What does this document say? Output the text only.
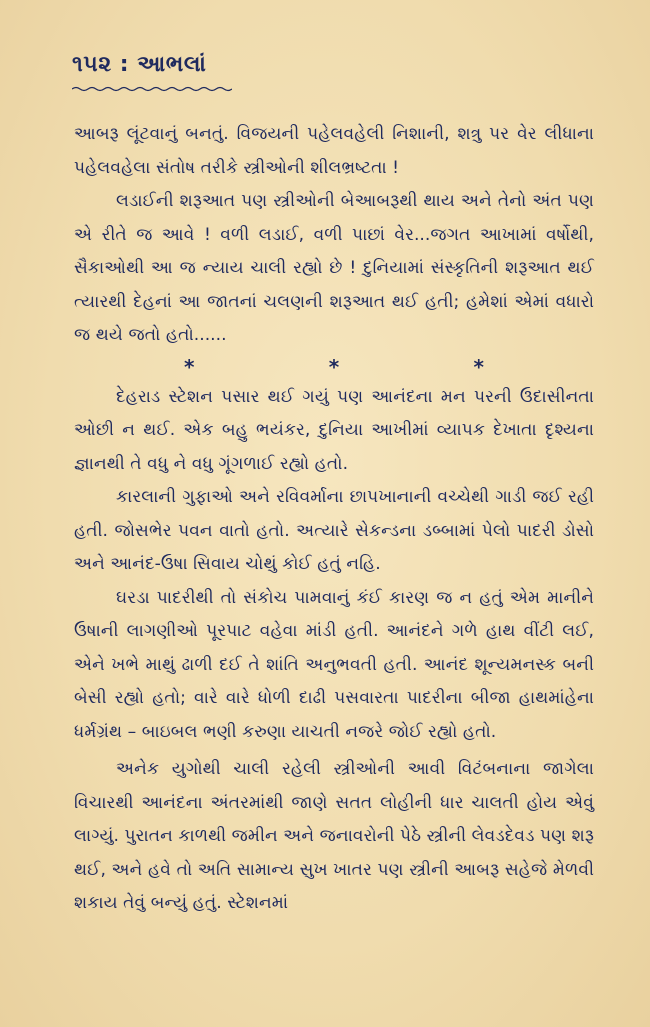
૧૫૨ : આભલાં

આબરૂ લૂંટવાનું બનતું. વિજયની પહેલવહેલી નિશાની, શત્રુ પર વેર લીધાના પહેલવહેલા સંતોષ તરીકે સ્ત્રીઓની શીલભ્રષ્ટતા !

લડાઈની શરૂઆત પણ સ્ત્રીઓની બેઆબરૂથી થાય અને તેનો અંત પણ એ રીતે જ આવે ! વળી લડાઈ, વળી પાછાં વેર...જગત આખામાં વર્ષોથી, સૈકાઓથી આ જ ન્યાય ચાલી રહ્યો છે ! દુનિયામાં સંસ્કૃતિની શરૂઆત થઈ ત્યારથી દેહનાં આ જાતનાં ચલણની શરૂઆત થઈ હતી; હમેશાં એમાં વધારો જ થયે જતો હતો......

*	*	*

દેહરાડ સ્ટેશન પસાર થઈ ગયું પણ આનંદના મન પરની ઉદાસીનતા ઓછી ન થઈ. એક બહુ ભયંકર, દુનિયા આખીમાં વ્યાપક દેખાતા દૃશ્યના જ્ઞાનથી તે વધુ ને વધુ ગૂંગળાઈ રહ્યો હતો.

કારલાની ગુફાઓ અને રવિવર્માના છાપખાનાની વચ્ચેથી ગાડી જઈ રહી હતી. જોસભેર પવન વાતો હતો. અત્યારે સેકન્ડના ડબ્બામાં પેલો પાદરી ડોસો અને આનંદ-ઉષા સિવાય ચોથું કોઈ હતું નહિ.

ઘરડા પાદરીથી તો સંકોચ પામવાનું કંઈ કારણ જ ન હતું એમ માનીને ઉષાની લાગણીઓ પૂરપાટ વહેવા માંડી હતી. આનંદને ગળે હાથ વીંટી લઈ, એને ખભે માથું ઢાળી દઈ તે શાંતિ અનુભવતી હતી. આનંદ શૂન્યમનસ્ક બની બેસી રહ્યો હતો; વારે વારે ધોળી દાઢી પસવારતા પાદરીના બીજા હાથમાંહેના ધર્મગ્રંથ – બાઇબલ ભણી કરુણા યાચતી નજરે જોઈ રહ્યો હતો.

અનેક યુગોથી ચાલી રહેલી સ્ત્રીઓની આવી વિટંબનાના જાગેલા વિચારથી આનંદના અંતરમાંથી જાણે સતત લોહીની ધાર ચાલતી હોય એવું લાગ્યું. પુરાતન કાળથી જમીન અને જનાવરોની પેઠે સ્ત્રીની લેવડદેવડ પણ શરૂ થઈ, અને હવે તો અતિ સામાન્ય સુખ ખાતર પણ સ્ત્રીની આબરૂ સહેજે મેળવી શકાય તેવું બન્યું હતું. સ્ટેશનમાં
